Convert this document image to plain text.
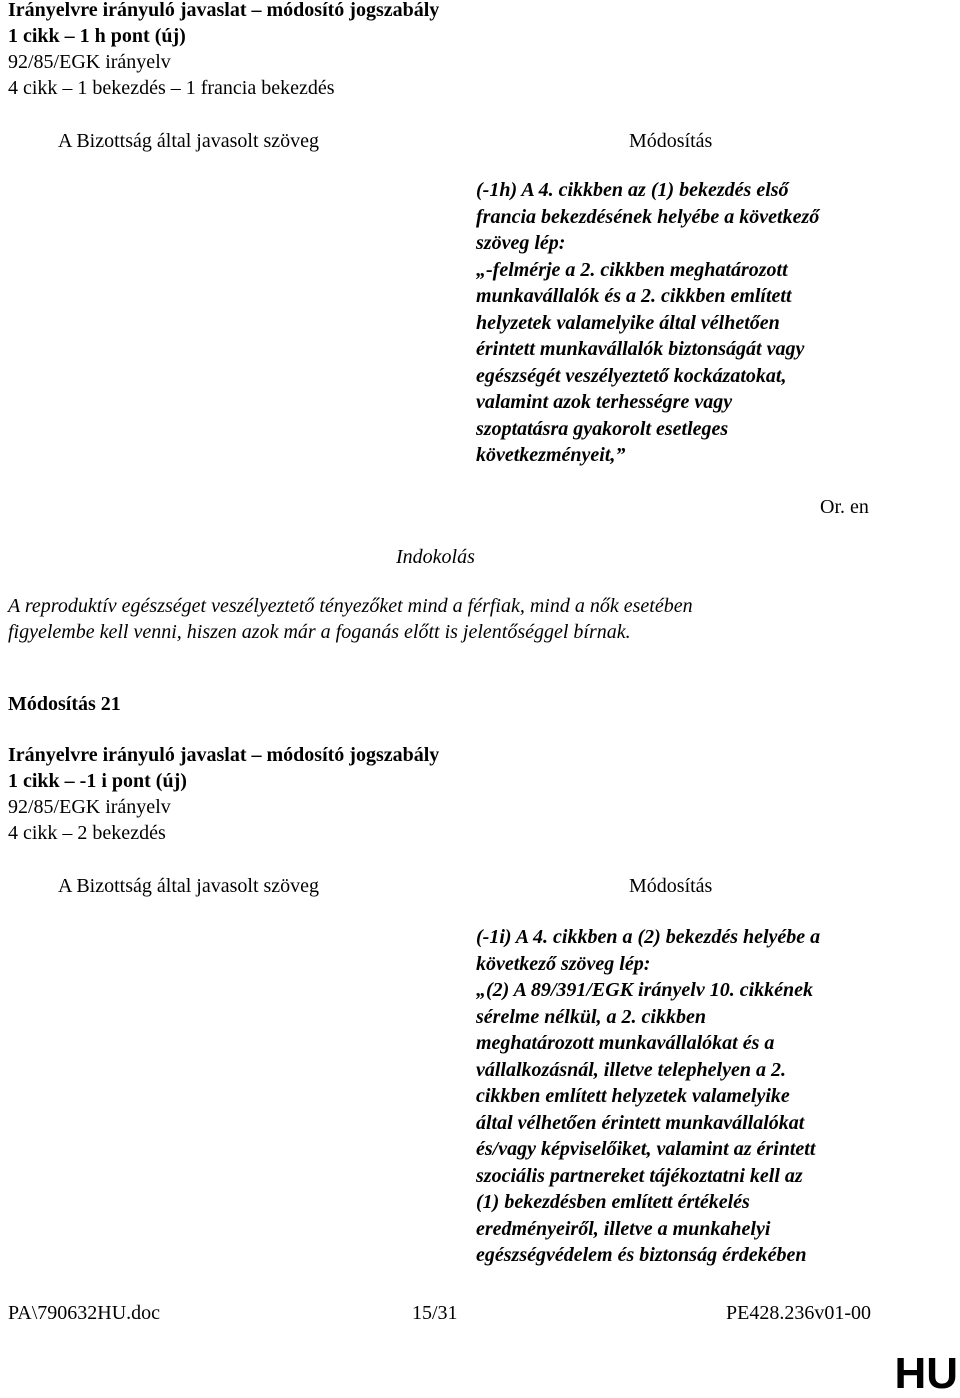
Irányelvre irányuló javaslat – módosító jogszabály
1 cikk – 1 h pont (új)
92/85/EGK irányelv
4 cikk – 1 bekezdés – 1 francia bekezdés
A Bizottság által javasolt szöveg	Módosítás
(-1h) A 4. cikkben az (1) bekezdés első
francia bekezdésének helyébe a következő
szöveg lép:
„-felmérje a 2. cikkben meghatározott
munkavállalók és a 2. cikkben említett
helyzetek valamelyike által vélhetően
érintett munkavállalók biztonságát vagy
egészségét veszélyeztető kockázatokat,
valamint azok terhességre vagy
szoptatásra gyakorolt esetleges
következményeit,”
Or. en
Indokolás
A reproduktív egészséget veszélyeztető tényezőket mind a férfiak, mind a nők esetében
figyelembe kell venni, hiszen azok már a foganás előtt is jelentőséggel bírnak.
Módosítás 21
Irányelvre irányuló javaslat – módosító jogszabály
1 cikk – -1 i pont (új)
92/85/EGK irányelv
4 cikk – 2 bekezdés
A Bizottság által javasolt szöveg	Módosítás
(-1i) A 4. cikkben a (2) bekezdés helyébe a
következő szöveg lép:
„(2) A 89/391/EGK irányelv 10. cikkének
sérelme nélkül, a 2. cikkben
meghatározott munkavállalókat és a
vállalkozásnál, illetve telephelyen a 2.
cikkben említett helyzetek valamelyike
által vélhetően érintett munkavállalókat
és/vagy képviselőiket, valamint az érintett
szociális partnereket tájékoztatni kell az
(1) bekezdésben említett értékelés
eredményeiről, illetve a munkahelyi
egészségvédelem és biztonság érdekében
PA\790632HU.doc	15/31	PE428.236v01-00
HU
